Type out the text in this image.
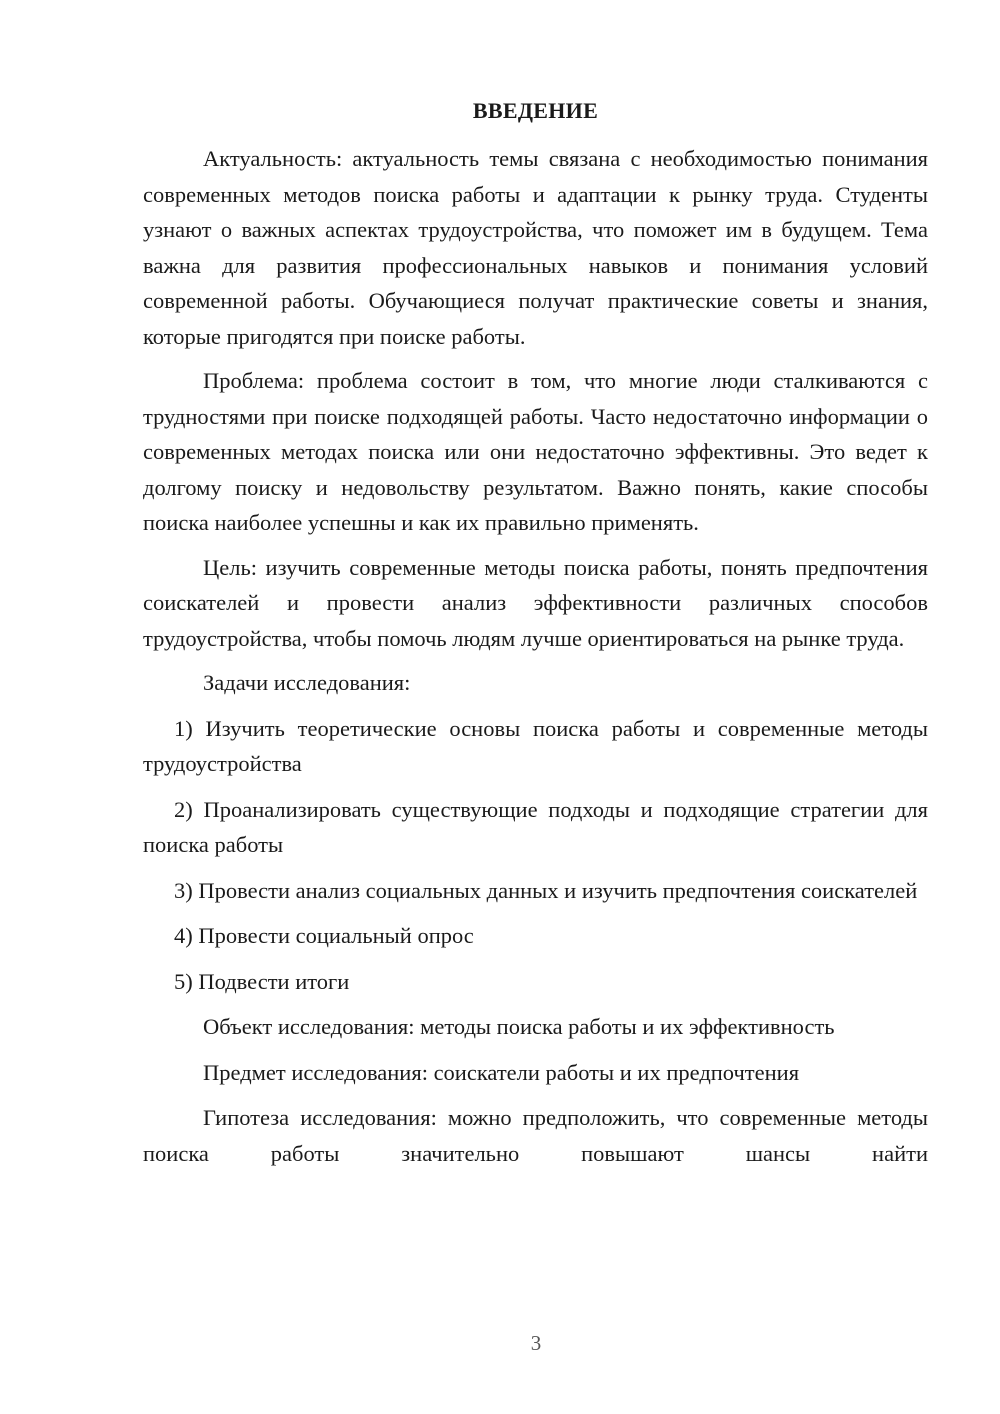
ВВЕДЕНИЕ

Актуальность: актуальность темы связана с необходимостью понимания современных методов поиска работы и адаптации к рынку труда. Студенты узнают о важных аспектах трудоустройства, что поможет им в будущем. Тема важна для развития профессиональных навыков и понимания условий современной работы. Обучающиеся получат практические советы и знания, которые пригодятся при поиске работы.

Проблема: проблема состоит в том, что многие люди сталкиваются с трудностями при поиске подходящей работы. Часто недостаточно информации о современных методах поиска или они недостаточно эффективны. Это ведет к долгому поиску и недовольству результатом. Важно понять, какие способы поиска наиболее успешны и как их правильно применять.

Цель: изучить современные методы поиска работы, понять предпочтения соискателей и провести анализ эффективности различных способов трудоустройства, чтобы помочь людям лучше ориентироваться на рынке труда.

Задачи исследования:

1) Изучить теоретические основы поиска работы и современные методы трудоустройства

2) Проанализировать существующие подходы и подходящие стратегии для поиска работы

3) Провести анализ социальных данных и изучить предпочтения соискателей

4) Провести социальный опрос

5) Подвести итоги

Объект исследования: методы поиска работы и их эффективность

Предмет исследования: соискатели работы и их предпочтения

Гипотеза исследования: можно предположить, что современные методы поиска работы значительно повышают шансы найти

3
